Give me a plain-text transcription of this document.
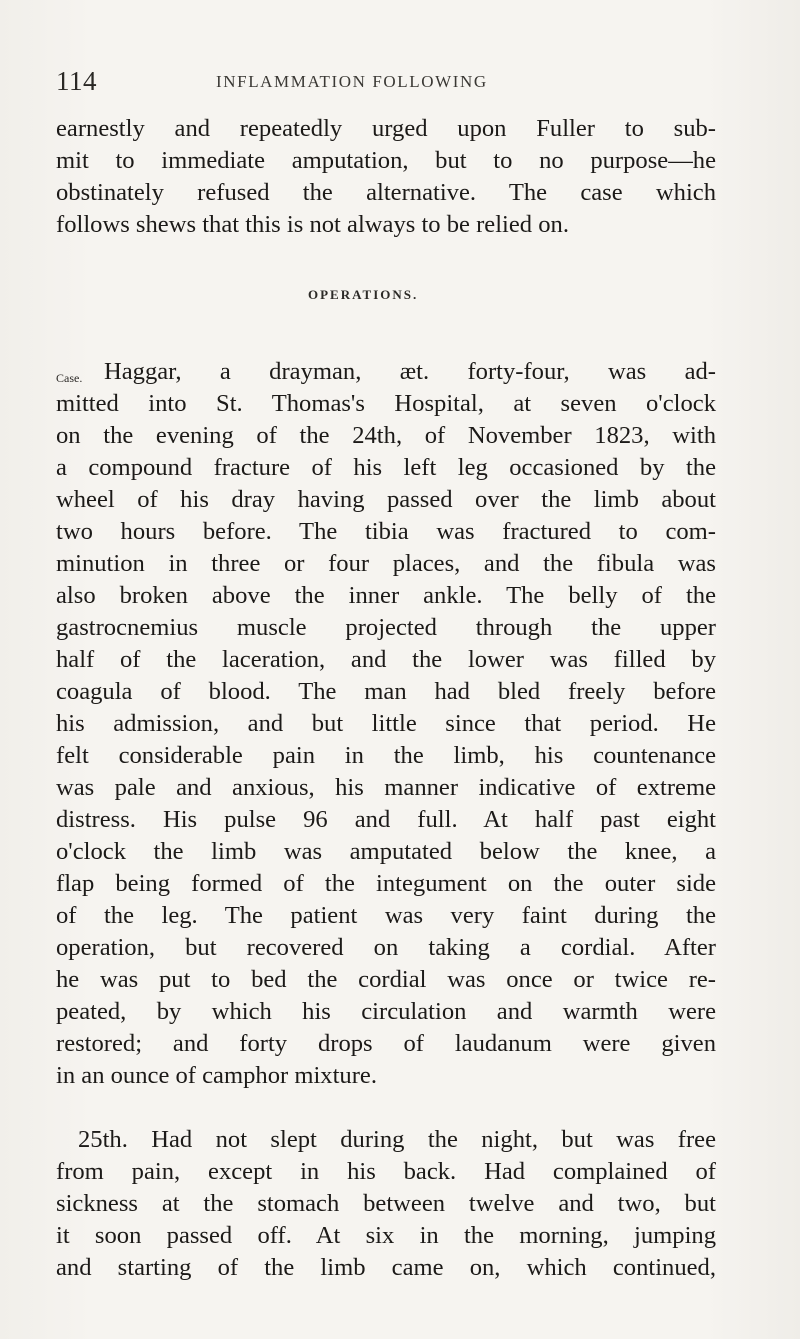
114	INFLAMMATION FOLLOWING
earnestly and repeatedly urged upon Fuller to sub-
mit to immediate amputation, but to no purpose—he
obstinately refused the alternative. The case which
follows shews that this is not always to be relied on.
OPERATIONS.
Case. Haggar, a drayman, æt. forty-four, was ad-
mitted into St. Thomas's Hospital, at seven o'clock
on the evening of the 24th, of November 1823, with
a compound fracture of his left leg occasioned by the
wheel of his dray having passed over the limb about
two hours before. The tibia was fractured to com-
minution in three or four places, and the fibula was
also broken above the inner ankle. The belly of the
gastrocnemius muscle projected through the upper
half of the laceration, and the lower was filled by
coagula of blood. The man had bled freely before
his admission, and but little since that period. He
felt considerable pain in the limb, his countenance
was pale and anxious, his manner indicative of extreme
distress. His pulse 96 and full. At half past eight
o'clock the limb was amputated below the knee, a
flap being formed of the integument on the outer side
of the leg. The patient was very faint during the
operation, but recovered on taking a cordial. After
he was put to bed the cordial was once or twice re-
peated, by which his circulation and warmth were
restored; and forty drops of laudanum were given
in an ounce of camphor mixture.
25th. Had not slept during the night, but was free
from pain, except in his back. Had complained of
sickness at the stomach between twelve and two, but
it soon passed off. At six in the morning, jumping
and starting of the limb came on, which continued,
